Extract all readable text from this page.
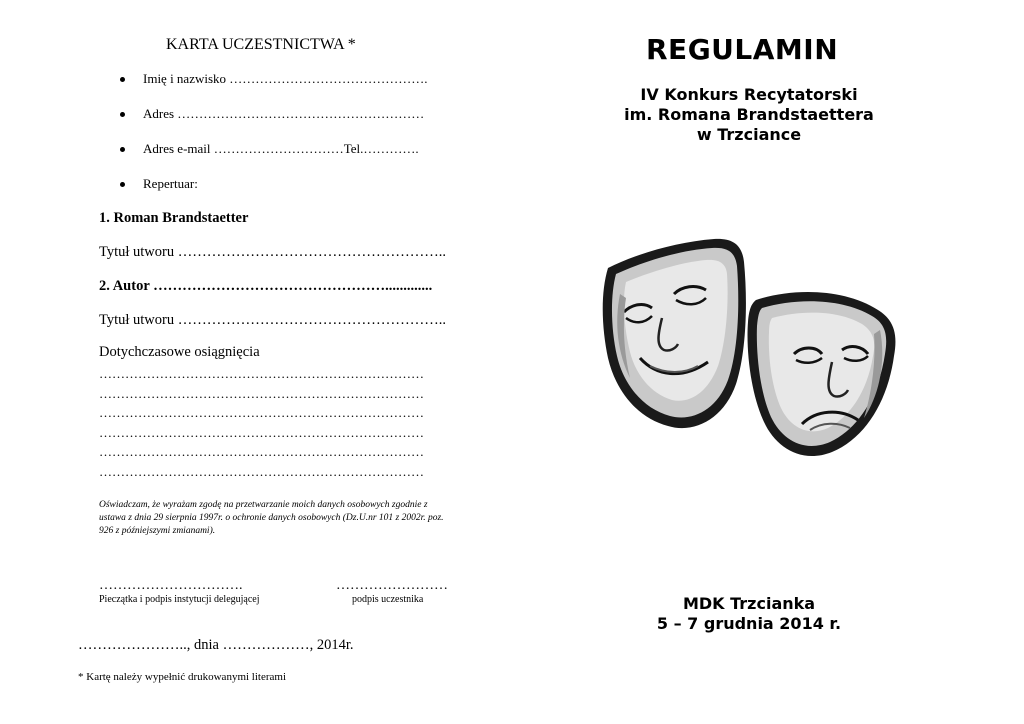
KARTA UCZESTNICTWA *
Imię i nazwisko ……………………………………….
Adres …………………………………………………
Adres e-mail …………………………Tel.………….
Repertuar:
1. Roman Brandstaetter
Tytuł utworu ………………………………………………..
2. Autor ………………………………………….............
Tytuł utworu ………………………………………………..
Dotychczasowe osiągnięcia
…………………………………………………………………
…………………………………………………………………
…………………………………………………………………
…………………………………………………………………
…………………………………………………………………
…………………………………………………………………
Oświadczam, że wyrażam zgodę na przetwarzanie moich danych osobowych zgodnie z ustawa z dnia 29 sierpnia 1997r. o ochronie danych osobowych (Dz.U.nr 101 z 2002r. poz. 926 z późniejszymi zmianami).
………………………….
Pieczątka i podpis instytucji delegującej
……………………
podpis uczestnika
………………….., dnia ………………, 2014r.
* Kartę należy wypełnić drukowanymi literami
REGULAMIN
IV Konkurs Recytatorski
im. Romana Brandstaettera
w Trzciance
MDK Trzcianka
5 – 7 grudnia 2014 r.
